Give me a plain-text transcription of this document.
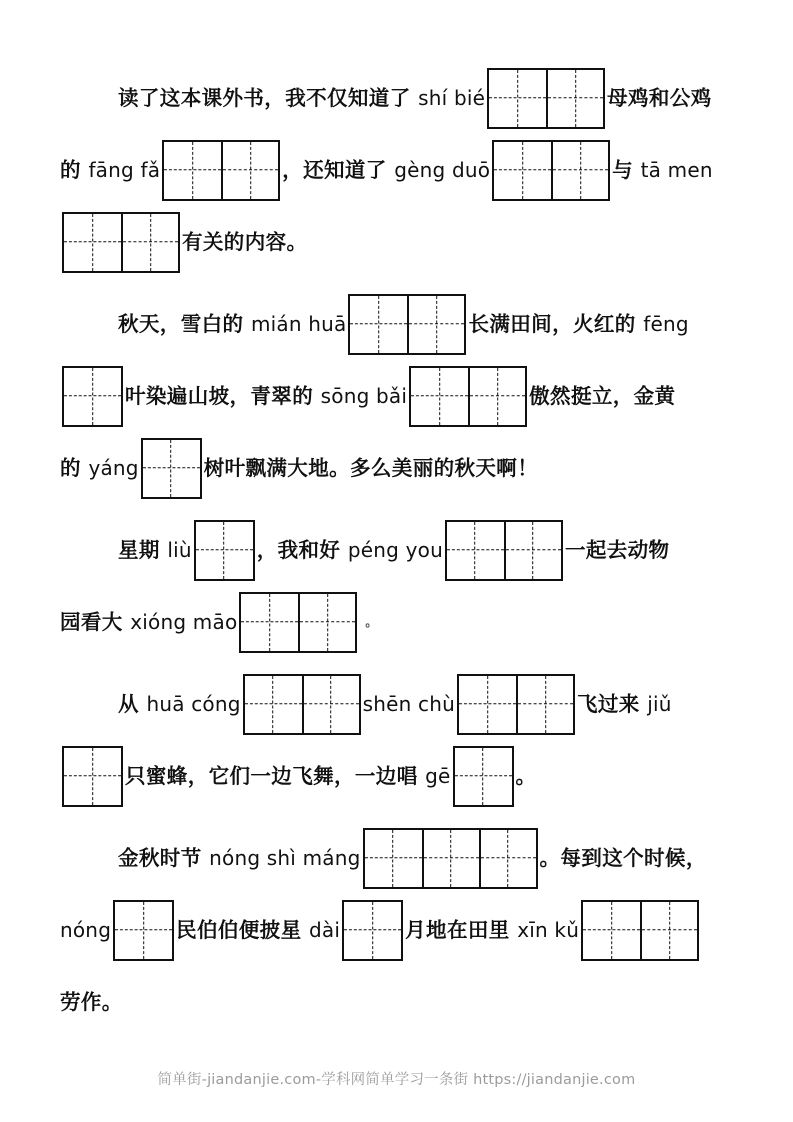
读了这本课外书，我不仅知道了 shí bié	母鸡和公鸡
的 fāng fǎ	，还知道了 gèng duō	与 tā men
有关的内容。
秋天，雪白的 mián huā	长满田间，火红的 fēng
叶染遍山坡，青翠的 sōng bǎi	傲然挺立，金黄
的 yáng	树叶飘满大地。多么美丽的秋天啊！
星期 liù	，我和好 péng you	一起去动物
园看大 xióng māo	。
从 huā cóng	shēn chù	飞过来 jiǔ
只蜜蜂，它们一边飞舞，一边唱 gē	。
金秋时节 nóng shì máng	。每到这个时候，
nóng	民伯伯便披星 dài	月地在田里 xīn kǔ
劳作。
简单街-jiandanjie.com-学科网简单学习一条街 https://jiandanjie.com
